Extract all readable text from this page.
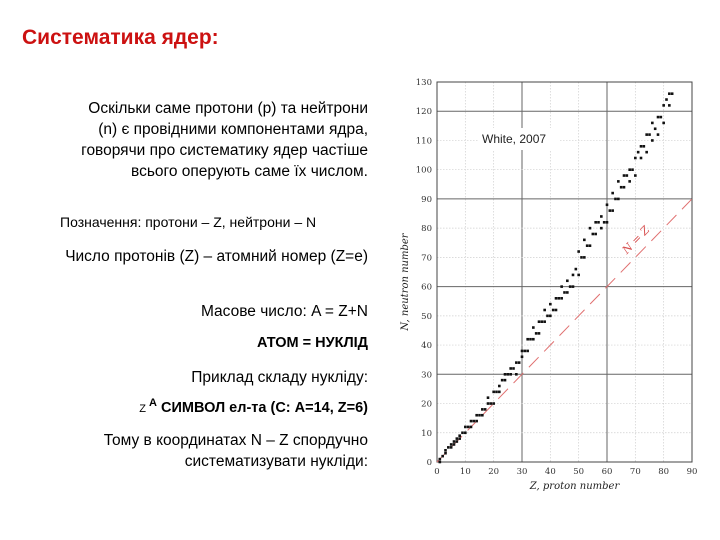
Систематика ядер:
Оскільки саме протони (p) та нейтрони (n) є провідними компонентами ядра, говорячи про систематику ядер частіше всього оперують саме їх числом.
Позначення: протони – Z, нейтрони – N
Число протонів (Z) – атомний номер (Z=e)
Масове число: A = Z+N
АТОМ = НУКЛІД
Приклад складу нукліду:
Z $^A$ СИМВОЛ ел-та (С: A=14, Z=6)
Тому в координатах N – Z спордучно систематизувати нукліди:
0 10 20 30 40 50 60 70 80 90
0
10
20
30
40
50
60
70
80
90
100
110
120
130
N = Z
White, 2007
Z, proton number
N, neutron number
